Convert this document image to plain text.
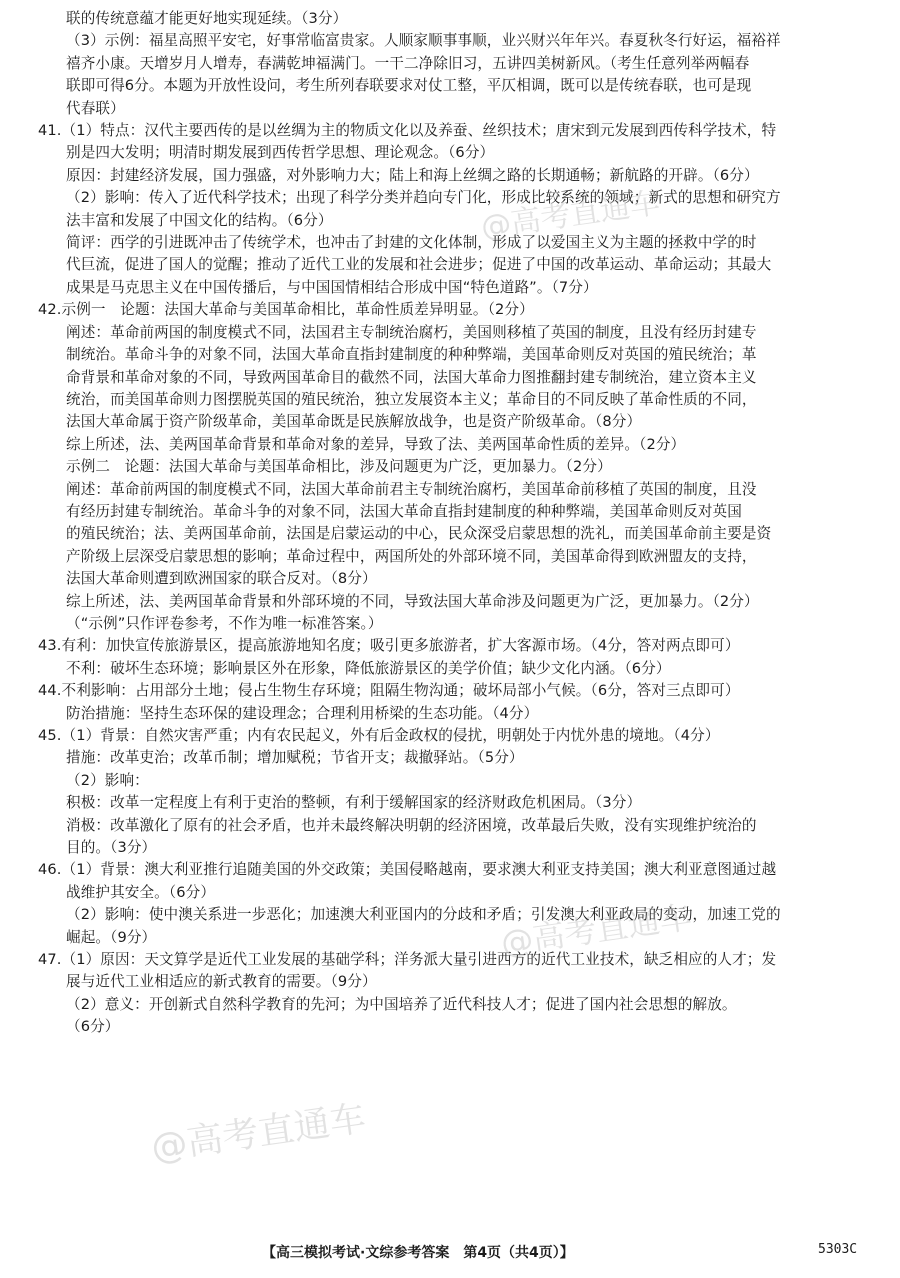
联的传统意蕴才能更好地实现延续。（3分）
（3）示例：福星高照平安宅，好事常临富贵家。人顺家顺事事顺，业兴财兴年年兴。春夏秋冬行好运，福裕祥
禧齐小康。天增岁月人增寿，春满乾坤福满门。一干二净除旧习，五讲四美树新风。（考生任意列举两幅春
联即可得6分。本题为开放性设问，考生所列春联要求对仗工整，平仄相调，既可以是传统春联，也可是现
代春联）
41.（1）特点：汉代主要西传的是以丝绸为主的物质文化以及养蚕、丝织技术；唐宋到元发展到西传科学技术，特
别是四大发明；明清时期发展到西传哲学思想、理论观念。（6分）
原因：封建经济发展，国力强盛，对外影响力大；陆上和海上丝绸之路的长期通畅；新航路的开辟。（6分）
（2）影响：传入了近代科学技术；出现了科学分类并趋向专门化，形成比较系统的领域；新式的思想和研究方
法丰富和发展了中国文化的结构。（6分）
简评：西学的引进既冲击了传统学术，也冲击了封建的文化体制，形成了以爱国主义为主题的拯救中学的时
代巨流，促进了国人的觉醒；推动了近代工业的发展和社会进步；促进了中国的改革运动、革命运动；其最大
成果是马克思主义在中国传播后，与中国国情相结合形成中国“特色道路”。（7分）
42.示例一　论题：法国大革命与美国革命相比，革命性质差异明显。（2分）
阐述：革命前两国的制度模式不同，法国君主专制统治腐朽，美国则移植了英国的制度，且没有经历封建专
制统治。革命斗争的对象不同，法国大革命直指封建制度的种种弊端，美国革命则反对英国的殖民统治；革
命背景和革命对象的不同，导致两国革命目的截然不同，法国大革命力图推翻封建专制统治，建立资本主义
统治，而美国革命则力图摆脱英国的殖民统治，独立发展资本主义；革命目的不同反映了革命性质的不同，
法国大革命属于资产阶级革命，美国革命既是民族解放战争，也是资产阶级革命。（8分）
综上所述，法、美两国革命背景和革命对象的差异，导致了法、美两国革命性质的差异。（2分）
示例二　论题：法国大革命与美国革命相比，涉及问题更为广泛，更加暴力。（2分）
阐述：革命前两国的制度模式不同，法国大革命前君主专制统治腐朽，美国革命前移植了英国的制度，且没
有经历封建专制统治。革命斗争的对象不同，法国大革命直指封建制度的种种弊端，美国革命则反对英国
的殖民统治；法、美两国革命前，法国是启蒙运动的中心，民众深受启蒙思想的洗礼，而美国革命前主要是资
产阶级上层深受启蒙思想的影响；革命过程中，两国所处的外部环境不同，美国革命得到欧洲盟友的支持，
法国大革命则遭到欧洲国家的联合反对。（8分）
综上所述，法、美两国革命背景和外部环境的不同，导致法国大革命涉及问题更为广泛，更加暴力。（2分）
（“示例”只作评卷参考，不作为唯一标准答案。）
43.有利：加快宣传旅游景区，提高旅游地知名度；吸引更多旅游者，扩大客源市场。（4分，答对两点即可）
不利：破坏生态环境；影响景区外在形象，降低旅游景区的美学价值；缺少文化内涵。（6分）
44.不利影响：占用部分土地；侵占生物生存环境；阻隔生物沟通；破坏局部小气候。（6分，答对三点即可）
防治措施：坚持生态环保的建设理念；合理利用桥梁的生态功能。（4分）
45.（1）背景：自然灾害严重；内有农民起义，外有后金政权的侵扰，明朝处于内忧外患的境地。（4分）
措施：改革吏治；改革币制；增加赋税；节省开支；裁撤驿站。（5分）
（2）影响：
积极：改革一定程度上有利于吏治的整顿，有利于缓解国家的经济财政危机困局。（3分）
消极：改革激化了原有的社会矛盾，也并未最终解决明朝的经济困境，改革最后失败，没有实现维护统治的
目的。（3分）
46.（1）背景：澳大利亚推行追随美国的外交政策；美国侵略越南，要求澳大利亚支持美国；澳大利亚意图通过越
战维护其安全。（6分）
（2）影响：使中澳关系进一步恶化；加速澳大利亚国内的分歧和矛盾；引发澳大利亚政局的变动，加速工党的
崛起。（9分）
47.（1）原因：天文算学是近代工业发展的基础学科；洋务派大量引进西方的近代工业技术，缺乏相应的人才；发
展与近代工业相适应的新式教育的需要。（9分）
（2）意义：开创新式自然科学教育的先河；为中国培养了近代科技人才；促进了国内社会思想的解放。
（6分）
@高考直通车
@高考直通车
@高考直通车
【高三模拟考试·文综参考答案　第4页（共4页）】	5303C
